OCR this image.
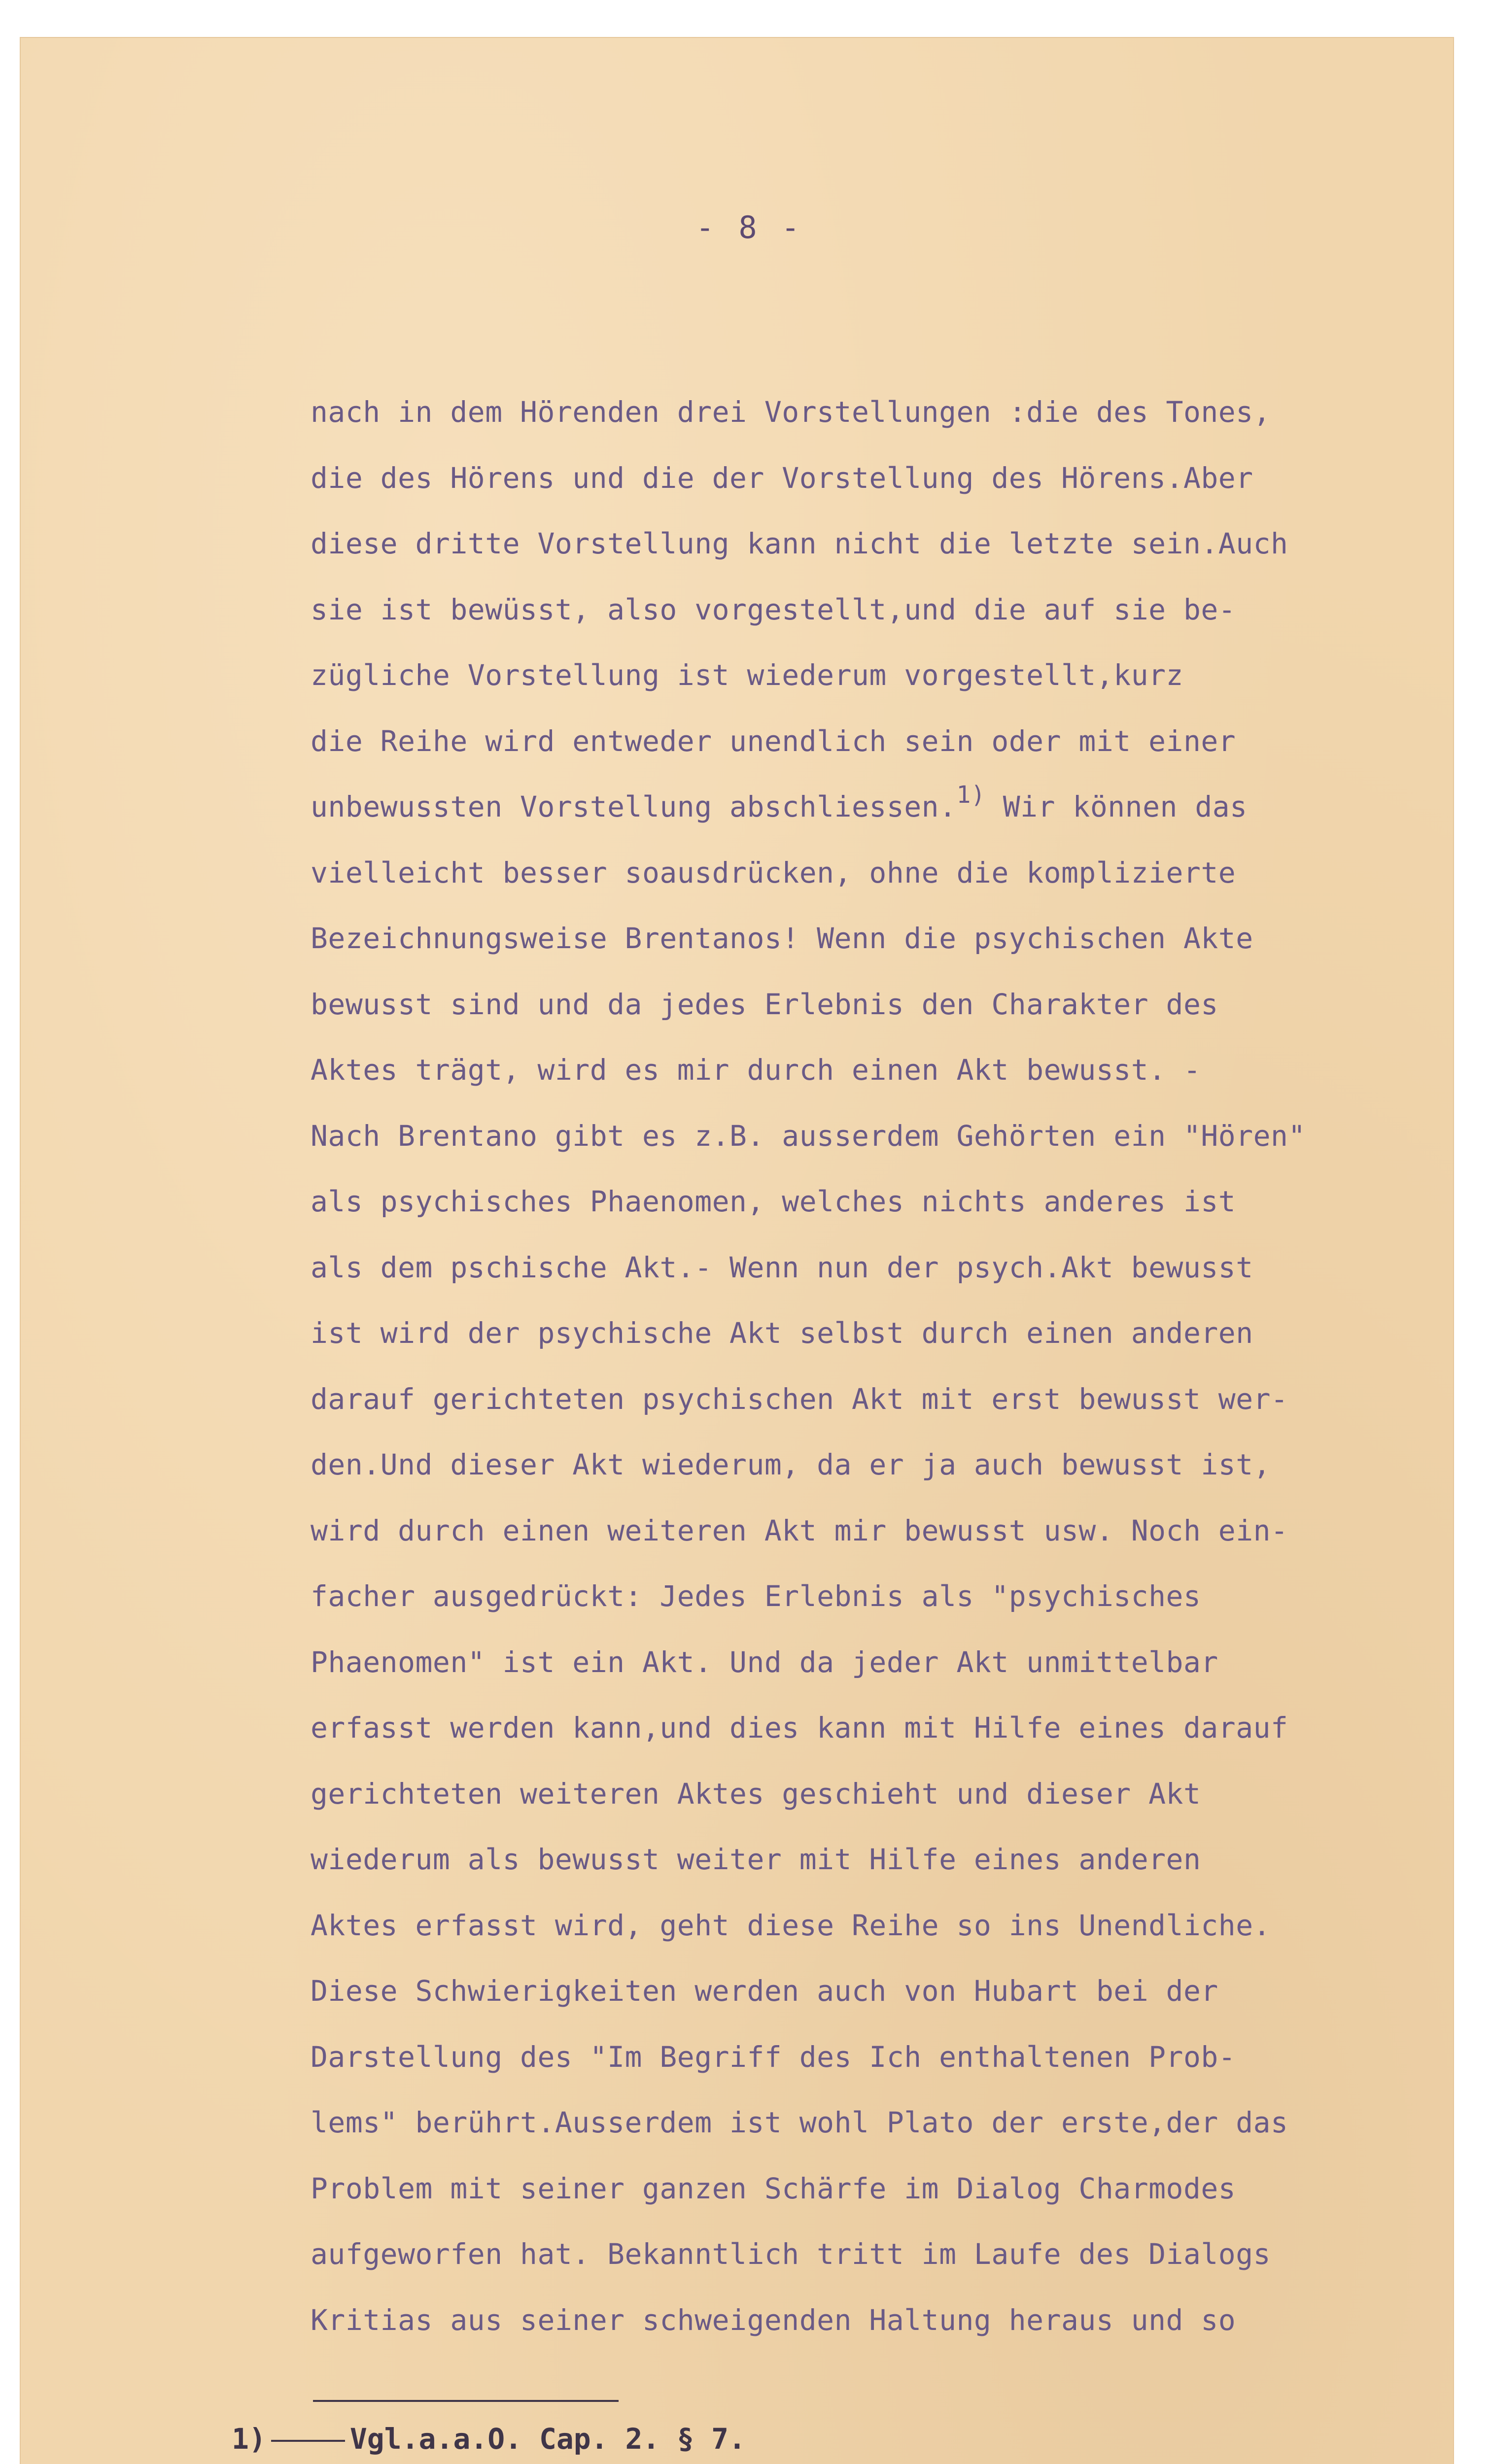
- 8 -
nach in dem Hörenden drei Vorstellungen :die des Tones,
die des Hörens und die der Vorstellung des Hörens.Aber
diese dritte Vorstellung kann nicht die letzte sein.Auch
sie ist bewüsst, also vorgestellt,und die auf sie be-
zügliche Vorstellung ist wiederum vorgestellt,kurz
die Reihe wird entweder unendlich sein oder mit einer
unbewussten Vorstellung abschliessen.$^{1)}$ Wir können das
vielleicht besser soausdrücken, ohne die komplizierte
Bezeichnungsweise Brentanos! Wenn die psychischen Akte
bewusst sind und da jedes Erlebnis den Charakter des
Aktes trägt, wird es mir durch einen Akt bewusst. -
Nach Brentano gibt es z.B. ausserdem Gehörten ein "Hören"
als psychisches Phaenomen, welches nichts anderes ist
als dem pschische Akt.- Wenn nun der psych.Akt bewusst
ist wird der psychische Akt selbst durch einen anderen
darauf gerichteten psychischen Akt mit erst bewusst wer-
den.Und dieser Akt wiederum, da er ja auch bewusst ist,
wird durch einen weiteren Akt mir bewusst usw. Noch ein-
facher ausgedrückt: Jedes Erlebnis als "psychisches
Phaenomen" ist ein Akt. Und da jeder Akt unmittelbar
erfasst werden kann,und dies kann mit Hilfe eines darauf
gerichteten weiteren Aktes geschieht und dieser Akt
wiederum als bewusst weiter mit Hilfe eines anderen
Aktes erfasst wird, geht diese Reihe so ins Unendliche.
Diese Schwierigkeiten werden auch von Hubart bei der
Darstellung des "Im Begriff des Ich enthaltenen Prob-
lems" berührt.Ausserdem ist wohl Plato der erste,der das
Problem mit seiner ganzen Schärfe im Dialog Charmodes
aufgeworfen hat. Bekanntlich tritt im Laufe des Dialogs
Kritias aus seiner schweigenden Haltung heraus und so
1)	Vgl.a.a.O. Cap. 2. § 7.
